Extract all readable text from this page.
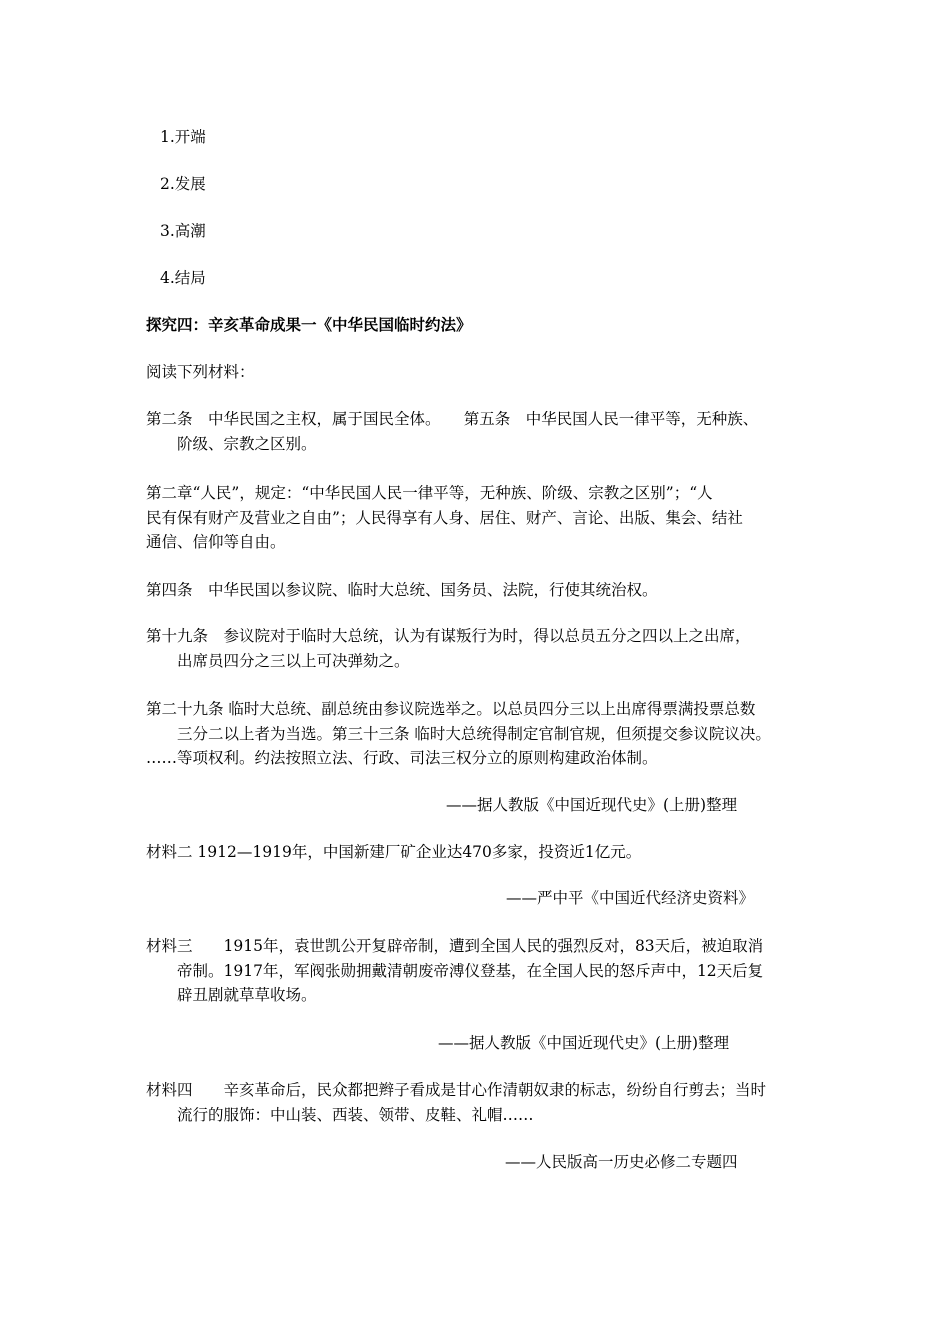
1.开端
2.发展
3.高潮
4.结局
探究四：辛亥革命成果一《中华民国临时约法》
阅读下列材料：
第二条　中华民国之主权，属于国民全体。　　第五条　中华民国人民一律平等，无种族、
阶级、宗教之区别。
第二章“人民”，规定：“中华民国人民一律平等，无种族、阶级、宗教之区别”；“人
民有保有财产及营业之自由”；人民得享有人身、居住、财产、言论、出版、集会、结社
通信、信仰等自由。
第四条　中华民国以参议院、临时大总统、国务员、法院，行使其统治权。
第十九条　参议院对于临时大总统，认为有谋叛行为时，得以总员五分之四以上之出席，
出席员四分之三以上可决弹劾之。
第二十九条 临时大总统、副总统由参议院选举之。以总员四分三以上出席得票满投票总数
三分二以上者为当选。第三十三条 临时大总统得制定官制官规，但须提交参议院议决。
……等项权利。约法按照立法、行政、司法三权分立的原则构建政治体制。
——据人教版《中国近现代史》(上册)整理
材料二 1912—1919年，中国新建厂矿企业达470多家，投资近1亿元。
——严中平《中国近代经济史资料》
材料三　　1915年，袁世凯公开复辟帝制，遭到全国人民的强烈反对，83天后，被迫取消
帝制。1917年，军阀张勋拥戴清朝废帝溥仪登基，在全国人民的怒斥声中，12天后复
辟丑剧就草草收场。
——据人教版《中国近现代史》(上册)整理
材料四　　辛亥革命后，民众都把辫子看成是甘心作清朝奴隶的标志，纷纷自行剪去；当时
流行的服饰：中山装、西装、领带、皮鞋、礼帽……
——人民版高一历史必修二专题四
